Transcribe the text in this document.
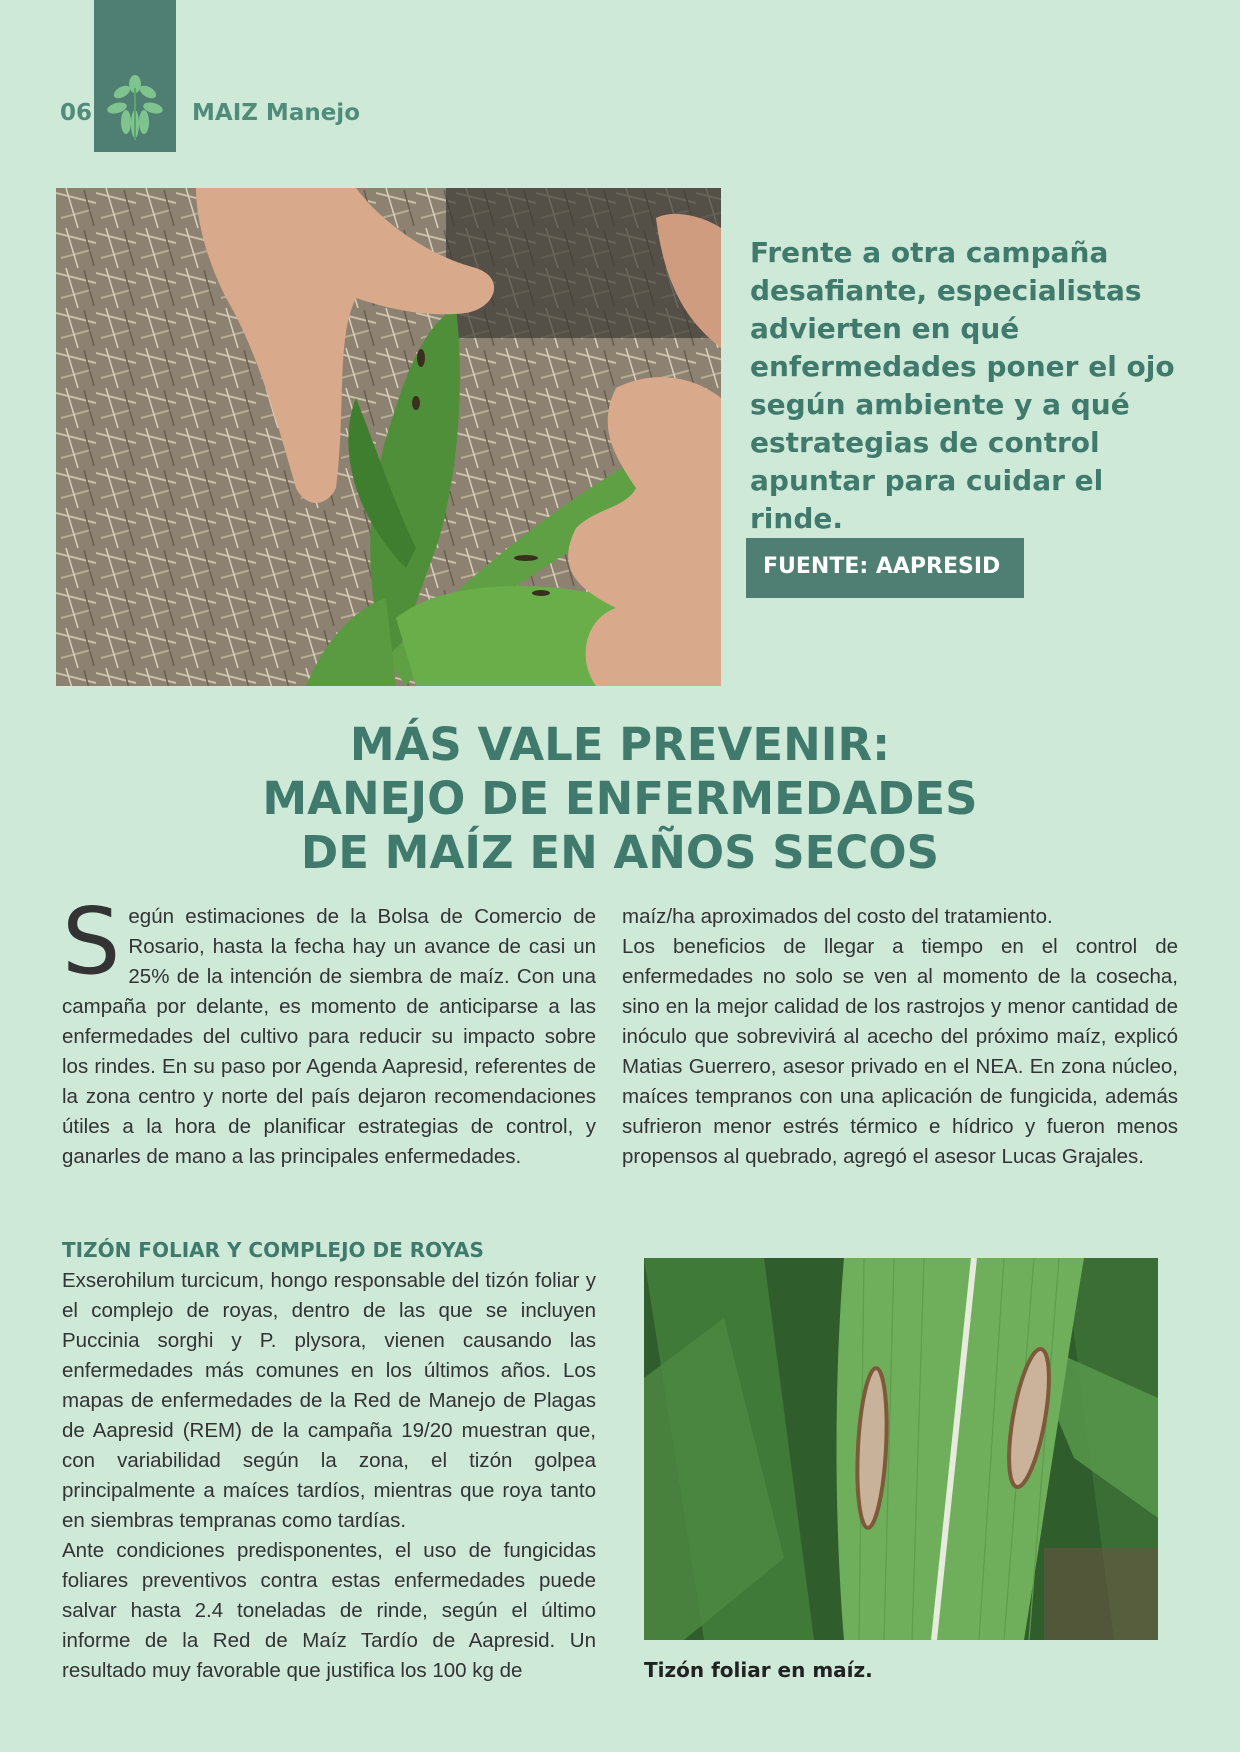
06	MAIZ Manejo

Frente a otra campaña desafiante, especialistas advierten en qué enfermedades poner el ojo según ambiente y a qué estrategias de control apuntar para cuidar el rinde.

FUENTE: AAPRESID
MÁS VALE PREVENIR:
MANEJO DE ENFERMEDADES
DE MAÍZ EN AÑOS SECOS
S egún estimaciones de la Bolsa de Comercio de Rosario, hasta la fecha hay un avance de casi un 25% de la intención de siembra de maíz. Con una campaña por delante, es momento de anticiparse a las enfermedades del cultivo para reducir su impacto sobre los rindes. En su paso por Agenda Aapresid, referentes de la zona centro y norte del país dejaron recomendaciones útiles a la hora de planificar estrategias de control, y ganarles de mano a las principales enfermedades.

maíz/ha aproximados del costo del tratamiento.

Los beneficios de llegar a tiempo en el control de enfermedades no solo se ven al momento de la cosecha, sino en la mejor calidad de los rastrojos y menor cantidad de inóculo que sobrevivirá al acecho del próximo maíz, explicó Matias Guerrero, asesor privado en el NEA. En zona núcleo, maíces tempranos con una aplicación de fungicida, además sufrieron menor estrés térmico e hídrico y fueron menos propensos al quebrado, agregó el asesor Lucas Grajales.

TIZÓN FOLIAR Y COMPLEJO DE ROYAS

Exserohilum turcicum, hongo responsable del tizón foliar y el complejo de royas, dentro de las que se incluyen Puccinia sorghi y P. plysora, vienen causando las enfermedades más comunes en los últimos años. Los mapas de enfermedades de la Red de Manejo de Plagas de Aapresid (REM) de la campaña 19/20 muestran que, con variabilidad según la zona, el tizón golpea principalmente a maíces tardíos, mientras que roya tanto en siembras tempranas como tardías.

Ante condiciones predisponentes, el uso de fungicidas foliares preventivos contra estas enfermedades puede salvar hasta 2.4 toneladas de rinde, según el último informe de la Red de Maíz Tardío de Aapresid. Un resultado muy favorable que justifica los 100 kg de	Tizón foliar en maíz.
